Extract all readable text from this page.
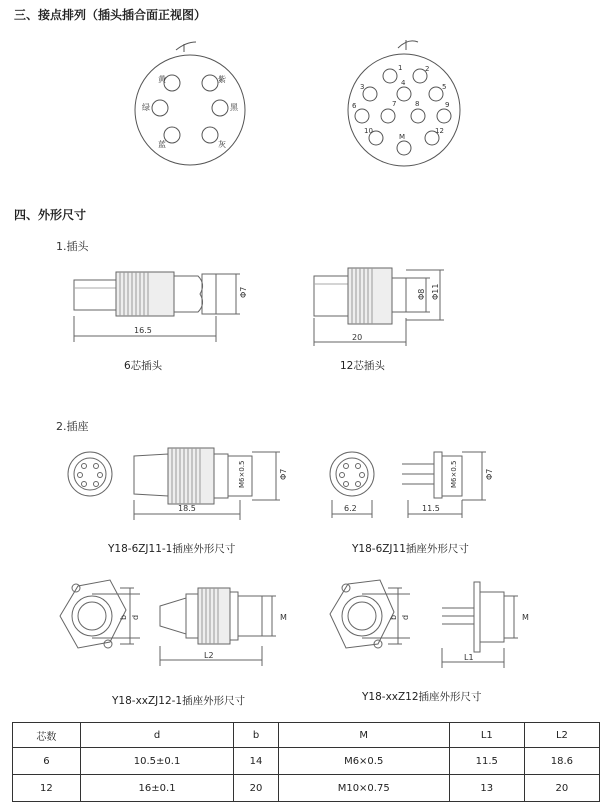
三、接点排列（插头插合面正视图）
黄	紫
绿	黑
蓝	灰
1	2
3	4	5
6	7	8	9
10
M
12
四、外形尺寸
1.插头
16.5
Φ7
6芯插头
20
Φ8 Φ11
12芯插头
2.插座
18.5
M6×0.5	Φ7
Y18-6ZJ11-1插座外形尺寸
6.2	11.5
M6×0.5	Φ7
Y18-6ZJ11插座外形尺寸
d
b	M
L2
Y18-xxZJ12-1插座外形尺寸
d
b	M
L1
Y18-xxZ12插座外形尺寸
芯数	d	b	M	L1	L2
6	10.5±0.1	14	M6×0.5	11.5	18.6
12	16±0.1	20	M10×0.75	13	20
